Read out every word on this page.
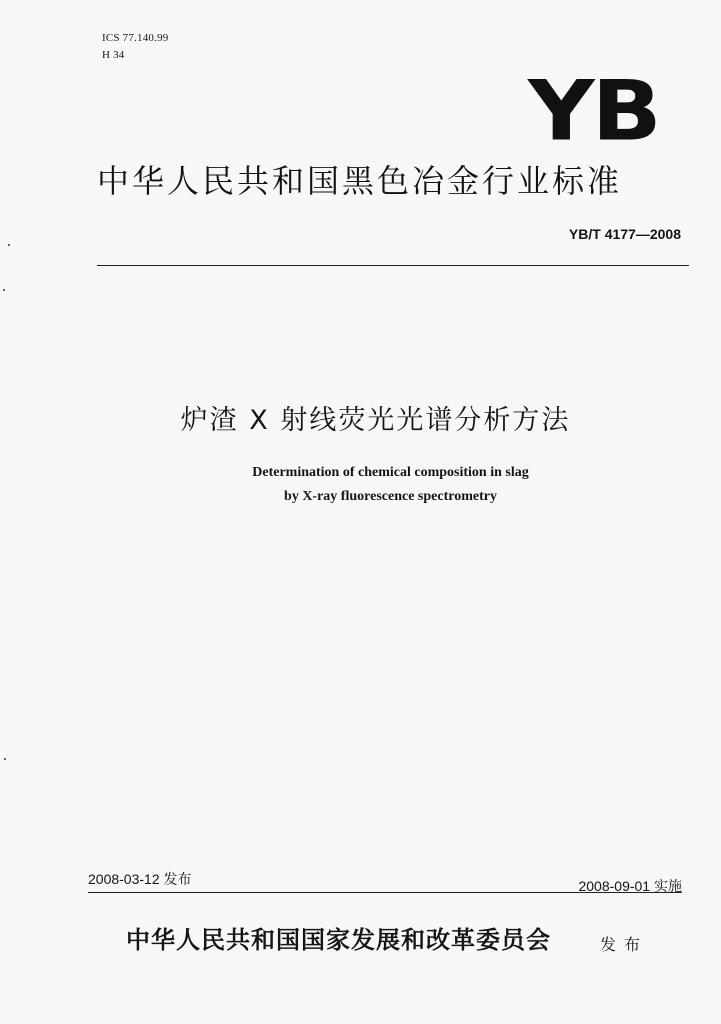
ICS 77.140.99
H 34
YB
中华人民共和国黑色冶金行业标准
YB/T 4177—2008
炉渣 X 射线荧光光谱分析方法
Determination of chemical composition in slag
by X-ray fluorescence spectrometry
2008-03-12 发布	2008-09-01 实施
中华人民共和国国家发展和改革委员会	发布
